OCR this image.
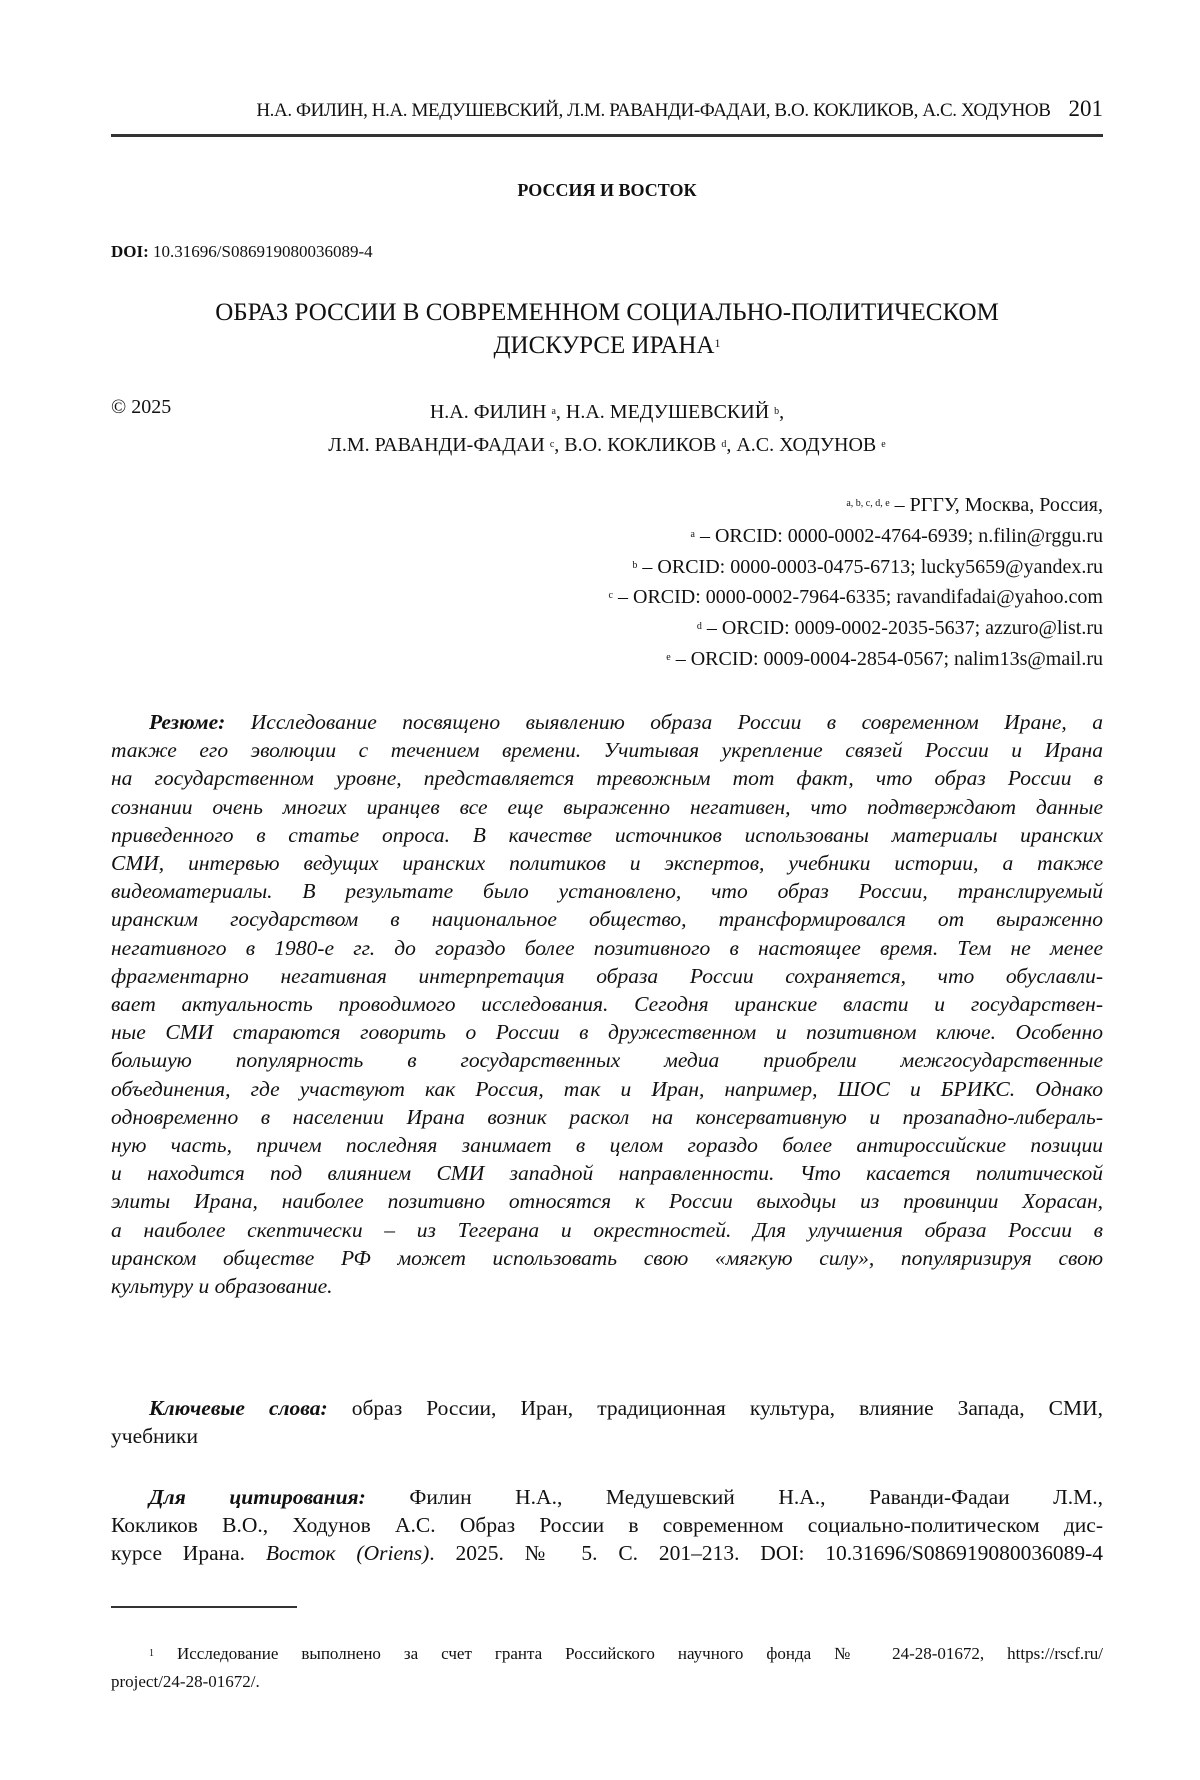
Н.А. ФИЛИН, Н.А. МЕДУШЕВСКИЙ, Л.М. РАВАНДИ-ФАДАИ, В.О. КОКЛИКОВ, А.С. ХОДУНОВ 201
РОССИЯ И ВОСТОК
DOI: 10.31696/S086919080036089-4
ОБРАЗ РОССИИ В СОВРЕМЕННОМ СОЦИАЛЬНО-ПОЛИТИЧЕСКОМ
ДИСКУРСЕ ИРАНА1
© 2025	Н.А. ФИЛИН a, Н.А. МЕДУШЕВСКИЙ b,
Л.М. РАВАНДИ-ФАДАИ c, В.О. КОКЛИКОВ d, А.С. ХОДУНОВ e
a, b, c, d, e – РГГУ, Москва, Россия,
a – ORCID: 0000-0002-4764-6939; n.filin@rggu.ru
b – ORCID: 0000-0003-0475-6713; lucky5659@yandex.ru
c – ORCID: 0000-0002-7964-6335; ravandifadai@yahoo.com
d – ORCID: 0009-0002-2035-5637; azzuro@list.ru
e – ORCID: 0009-0004-2854-0567; nalim13s@mail.ru
Резюме: Исследование посвящено выявлению образа России в современном Иране, а
также его эволюции с течением времени. Учитывая укрепление связей России и Ирана
на государственном уровне, представляется тревожным тот факт, что образ России в
сознании очень многих иранцев все еще выраженно негативен, что подтверждают данные
приведенного в статье опроса. В качестве источников использованы материалы иранских
СМИ, интервью ведущих иранских политиков и экспертов, учебники истории, а также
видеоматериалы. В результате было установлено, что образ России, транслируемый
иранским государством в национальное общество, трансформировался от выраженно
негативного в 1980-е гг. до гораздо более позитивного в настоящее время. Тем не менее
фрагментарно негативная интерпретация образа России сохраняется, что обуславли-
вает актуальность проводимого исследования. Сегодня иранские власти и государствен-
ные СМИ стараются говорить о России в дружественном и позитивном ключе. Особенно
большую популярность в государственных медиа приобрели межгосударственные
объединения, где участвуют как Россия, так и Иран, например, ШОС и БРИКС. Однако
одновременно в населении Ирана возник раскол на консервативную и прозападно-либераль-
ную часть, причем последняя занимает в целом гораздо более антироссийские позиции
и находится под влиянием СМИ западной направленности. Что касается политической
элиты Ирана, наиболее позитивно относятся к России выходцы из провинции Хорасан,
а наиболее скептически – из Тегерана и окрестностей. Для улучшения образа России в
иранском обществе РФ может использовать свою «мягкую силу», популяризируя свою
культуру и образование.
Ключевые слова: образ России, Иран, традиционная культура, влияние Запада, СМИ,
учебники
Для цитирования: Филин Н.А., Медушевский Н.А., Раванди-Фадаи Л.М.,
Кокликов В.О., Ходунов А.С. Образ России в современном социально-политическом дис-
курсе Ирана. Восток (Oriens). 2025. № 5. С. 201–213. DOI: 10.31696/S086919080036089-4
1 Исследование выполнено за счет гранта Российского научного фонда № 24-28-01672, https://rscf.ru/
project/24-28-01672/.
